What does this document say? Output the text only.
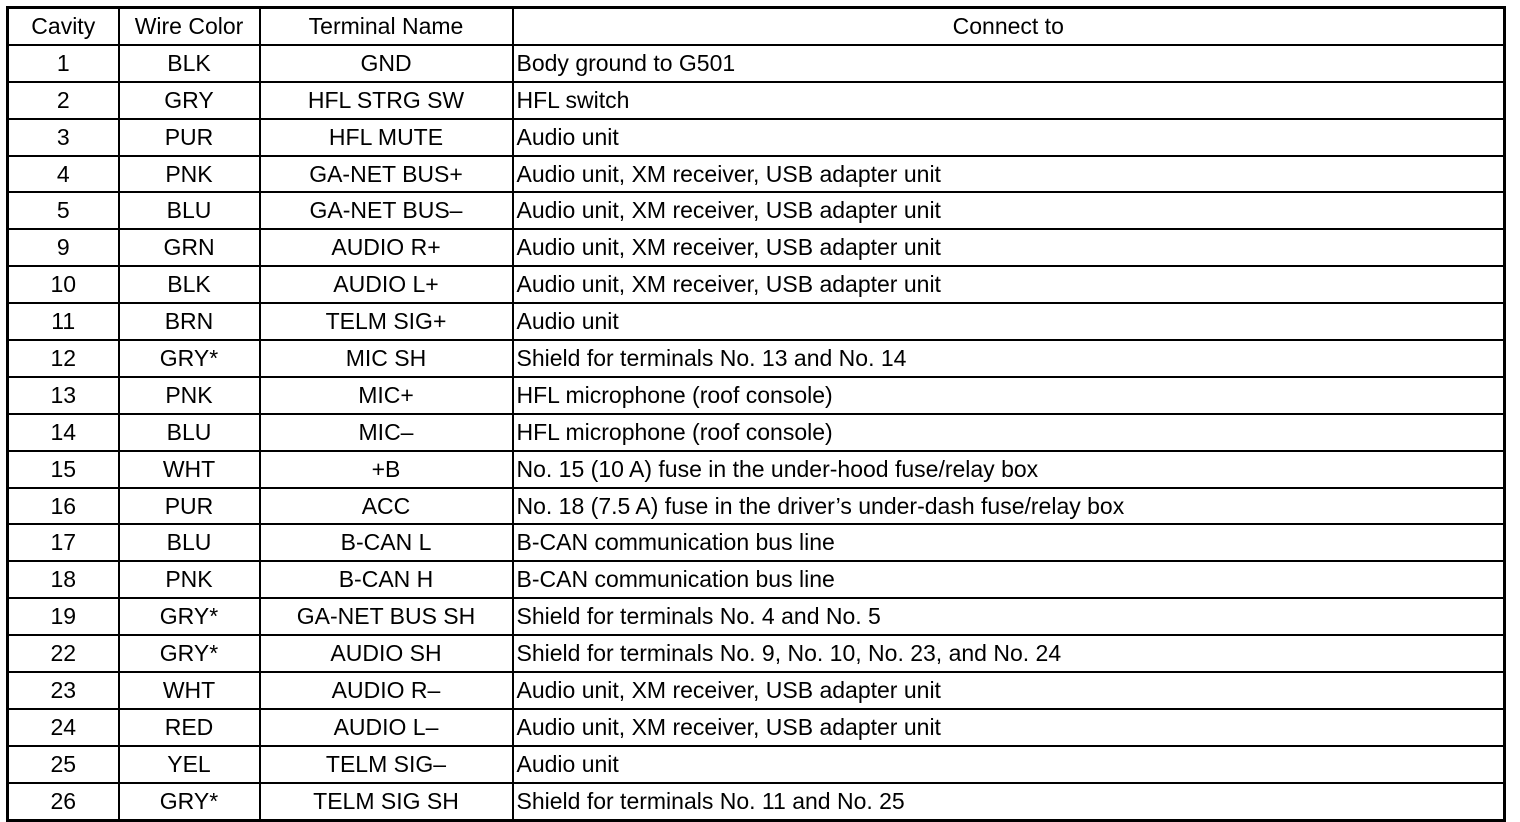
Cavity	Wire Color	Terminal Name	Connect to
1	BLK	GND	Body ground to G501
2	GRY	HFL STRG SW	HFL switch
3	PUR	HFL MUTE	Audio unit
4	PNK	GA-NET BUS+	Audio unit, XM receiver, USB adapter unit
5	BLU	GA-NET BUS–	Audio unit, XM receiver, USB adapter unit
9	GRN	AUDIO R+	Audio unit, XM receiver, USB adapter unit
10	BLK	AUDIO L+	Audio unit, XM receiver, USB adapter unit
11	BRN	TELM SIG+	Audio unit
12	GRY*	MIC SH	Shield for terminals No. 13 and No. 14
13	PNK	MIC+	HFL microphone (roof console)
14	BLU	MIC–	HFL microphone (roof console)
15	WHT	+B	No. 15 (10 A) fuse in the under-hood fuse/relay box
16	PUR	ACC	No. 18 (7.5 A) fuse in the driver’s under-dash fuse/relay box
17	BLU	B-CAN L	B-CAN communication bus line
18	PNK	B-CAN H	B-CAN communication bus line
19	GRY*	GA-NET BUS SH	Shield for terminals No. 4 and No. 5
22	GRY*	AUDIO SH	Shield for terminals No. 9, No. 10, No. 23, and No. 24
23	WHT	AUDIO R–	Audio unit, XM receiver, USB adapter unit
24	RED	AUDIO L–	Audio unit, XM receiver, USB adapter unit
25	YEL	TELM SIG–	Audio unit
26	GRY*	TELM SIG SH	Shield for terminals No. 11 and No. 25
